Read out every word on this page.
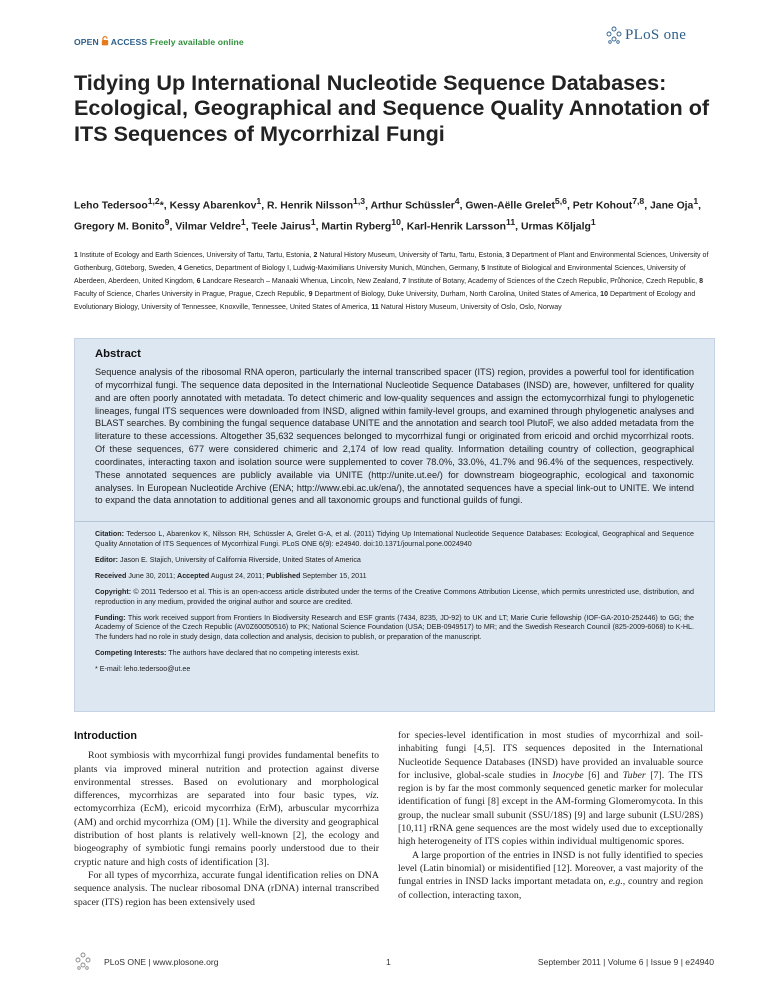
OPEN ACCESS Freely available online	PLoS one
Tidying Up International Nucleotide Sequence Databases: Ecological, Geographical and Sequence Quality Annotation of ITS Sequences of Mycorrhizal Fungi
Leho Tedersoo$^{1,2}$*, Kessy Abarenkov$^1$, R. Henrik Nilsson$^{1,3}$, Arthur Schüssler$^4$, Gwen-Aëlle Grelet$^{5,6}$, Petr Kohout$^{7,8}$, Jane Oja$^1$, Gregory M. Bonito$^9$, Vilmar Veldre$^1$, Teele Jairus$^1$, Martin Ryberg$^{10}$, Karl-Henrik Larsson$^{11}$, Urmas Kõljalg$^1$
1 Institute of Ecology and Earth Sciences, University of Tartu, Tartu, Estonia, 2 Natural History Museum, University of Tartu, Tartu, Estonia, 3 Department of Plant and Environmental Sciences, University of Gothenburg, Göteborg, Sweden, 4 Genetics, Department of Biology I, Ludwig-Maximilians University Munich, München, Germany, 5 Institute of Biological and Environmental Sciences, University of Aberdeen, Aberdeen, United Kingdom, 6 Landcare Research – Manaaki Whenua, Lincoln, New Zealand, 7 Institute of Botany, Academy of Sciences of the Czech Republic, Průhonice, Czech Republic, 8 Faculty of Science, Charles University in Prague, Prague, Czech Republic, 9 Department of Biology, Duke University, Durham, North Carolina, United States of America, 10 Department of Ecology and Evolutionary Biology, University of Tennessee, Knoxville, Tennessee, United States of America, 11 Natural History Museum, University of Oslo, Oslo, Norway
Abstract

Sequence analysis of the ribosomal RNA operon, particularly the internal transcribed spacer (ITS) region, provides a powerful tool for identification of mycorrhizal fungi. The sequence data deposited in the International Nucleotide Sequence Databases (INSD) are, however, unfiltered for quality and are often poorly annotated with metadata. To detect chimeric and low-quality sequences and assign the ectomycorrhizal fungi to phylogenetic lineages, fungal ITS sequences were downloaded from INSD, aligned within family-level groups, and examined through phylogenetic analyses and BLAST searches. By combining the fungal sequence database UNITE and the annotation and search tool PlutoF, we also added metadata from the literature to these accessions. Altogether 35,632 sequences belonged to mycorrhizal fungi or originated from ericoid and orchid mycorrhizal roots. Of these sequences, 677 were considered chimeric and 2,174 of low read quality. Information detailing country of collection, geographical coordinates, interacting taxon and isolation source were supplemented to cover 78.0%, 33.0%, 41.7% and 96.4% of the sequences, respectively. These annotated sequences are publicly available via UNITE (http://unite.ut.ee/) for downstream biogeographic, ecological and taxonomic analyses. In European Nucleotide Archive (ENA; http://www.ebi.ac.uk/ena/), the annotated sequences have a special link-out to UNITE. We intend to expand the data annotation to additional genes and all taxonomic groups and functional guilds of fungi.

Citation: Tedersoo L, Abarenkov K, Nilsson RH, Schüssler A, Grelet G-A, et al. (2011) Tidying Up International Nucleotide Sequence Databases: Ecological, Geographical and Sequence Quality Annotation of ITS Sequences of Mycorrhizal Fungi. PLoS ONE 6(9): e24940. doi:10.1371/journal.pone.0024940

Editor: Jason E. Stajich, University of California Riverside, United States of America

Received June 30, 2011; Accepted August 24, 2011; Published September 15, 2011

Copyright: © 2011 Tedersoo et al. This is an open-access article distributed under the terms of the Creative Commons Attribution License, which permits unrestricted use, distribution, and reproduction in any medium, provided the original author and source are credited.

Funding: This work received support from Frontiers In Biodiversity Research and ESF grants (7434, 8235, JD-92) to UK and LT; Marie Curie fellowship (IOF-GA-2010-252446) to GG; the Academy of Science of the Czech Republic (AV0Z60050516) to PK; National Science Foundation (USA; DEB-0949517) to MR; and the Swedish Research Council (825-2009-6068) to K-HL. The funders had no role in study design, data collection and analysis, decision to publish, or preparation of the manuscript.

Competing Interests: The authors have declared that no competing interests exist.

* E-mail: leho.tedersoo@ut.ee

Introduction

Root symbiosis with mycorrhizal fungi provides fundamental benefits to plants via improved mineral nutrition and protection against diverse environmental stresses. Based on evolutionary and morphological differences, mycorrhizas are separated into four basic types, viz. ectomycorrhiza (EcM), ericoid mycorrhiza (ErM), arbuscular mycorrhiza (AM) and orchid mycorrhiza (OM) [1]. While the diversity and geographical distribution of host plants is relatively well-known [2], the ecology and biogeography of symbiotic fungi remains poorly understood due to their cryptic nature and high costs of identification [3].

For all types of mycorrhiza, accurate fungal identification relies on DNA sequence analysis. The nuclear ribosomal DNA (rDNA) internal transcribed spacer (ITS) region has been extensively used

for species-level identification in most studies of mycorrhizal and soil-inhabiting fungi [4,5]. ITS sequences deposited in the International Nucleotide Sequence Databases (INSD) have provided an invaluable source for inclusive, global-scale studies in Inocybe [6] and Tuber [7]. The ITS region is by far the most commonly sequenced genetic marker for molecular identification of fungi [8] except in the AM-forming Glomeromycota. In this group, the nuclear small subunit (SSU/18S) [9] and large subunit (LSU/28S) [10,11] rRNA gene sequences are the most widely used due to exceptionally high heterogeneity of ITS copies within individual multigenomic spores.

A large proportion of the entries in INSD is not fully identified to species level (Latin binomial) or misidentified [12]. Moreover, a vast majority of the fungal entries in INSD lacks important metadata on, e.g., country and region of collection, interacting taxon,

PLoS ONE | www.plosone.org	1	September 2011 | Volume 6 | Issue 9 | e24940
